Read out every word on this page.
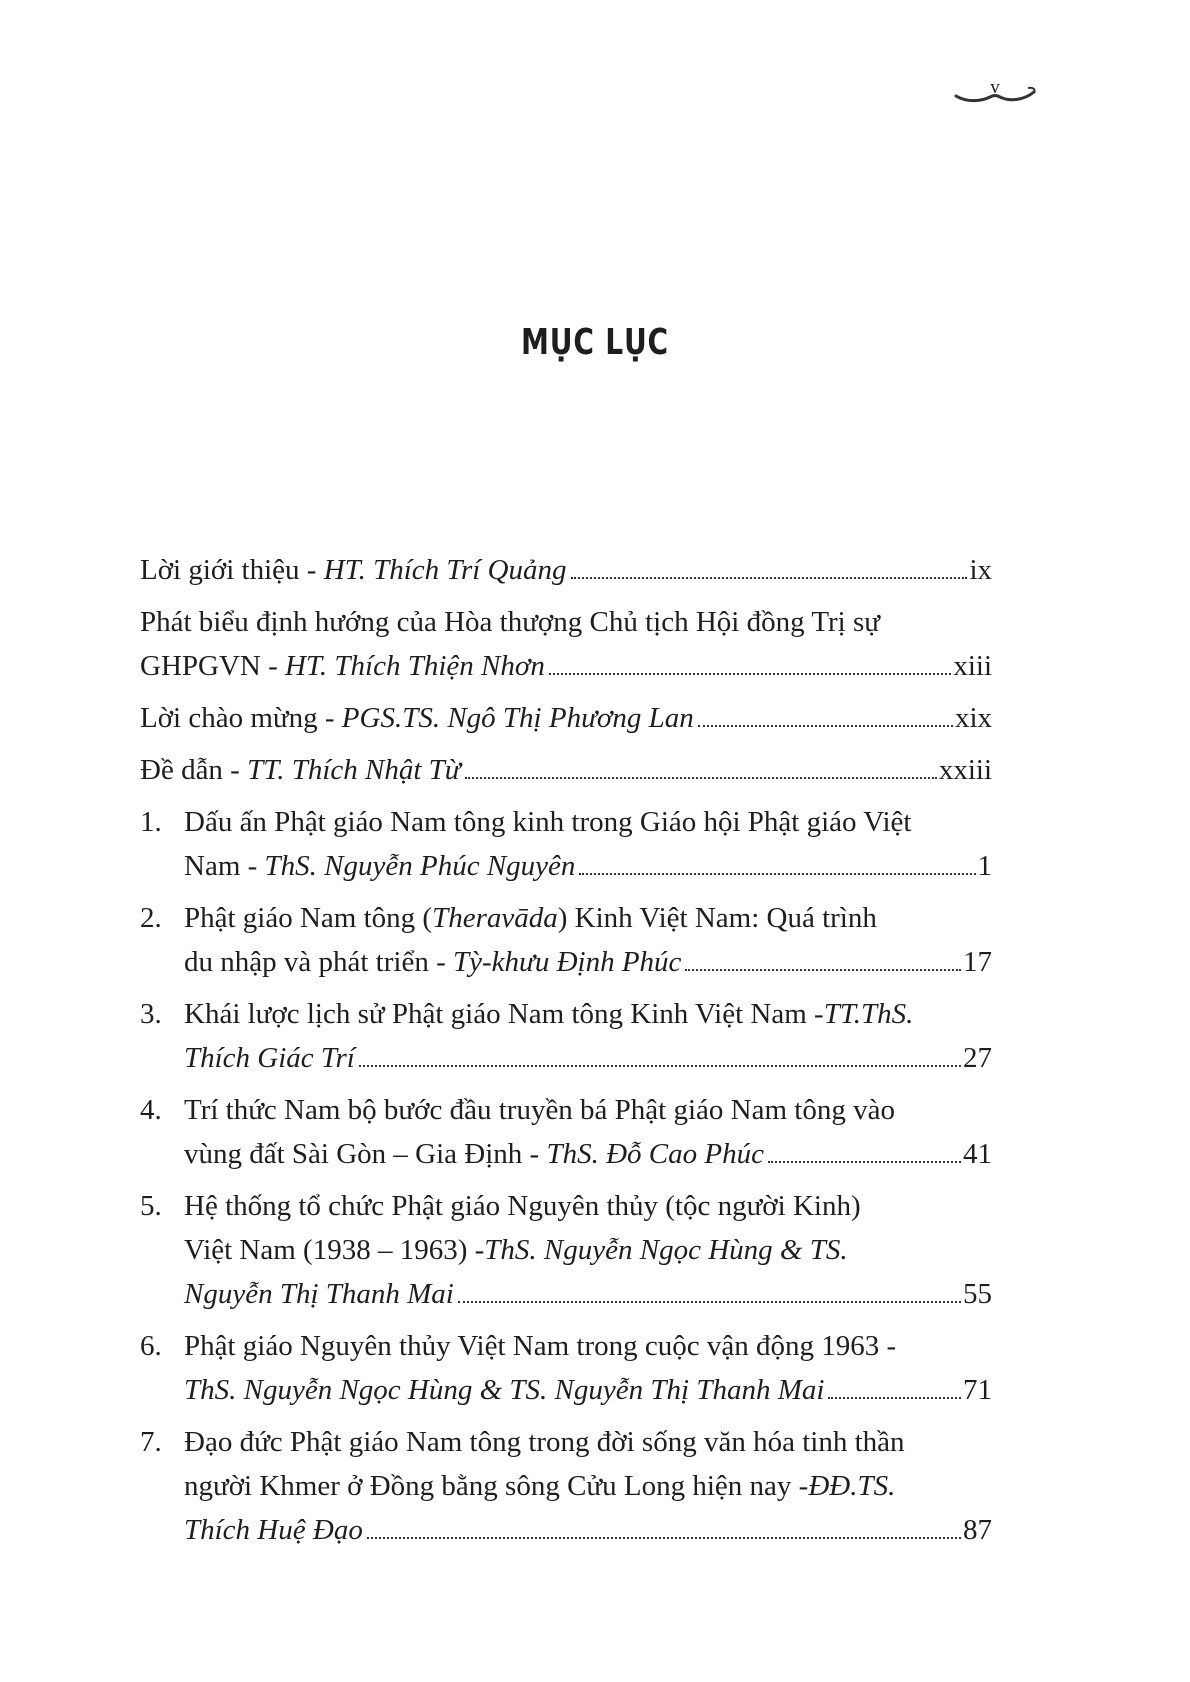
v
MỤC LỤC
Lời giới thiệu - HT. Thích Trí Quảng	ix
Phát biểu định hướng của Hòa thượng Chủ tịch Hội đồng Trị sự
GHPGVN - HT. Thích Thiện Nhơn	xiii
Lời chào mừng - PGS.TS. Ngô Thị Phương Lan	xix
Đề dẫn - TT. Thích Nhật Từ	xxiii
1. Dấu ấn Phật giáo Nam tông kinh trong Giáo hội Phật giáo Việt
Nam - ThS. Nguyễn Phúc Nguyên	1
2. Phật giáo Nam tông ( Theravāda ) Kinh Việt Nam: Quá trình
du nhập và phát triển - Tỳ-khưu Định Phúc	17
3. Khái lược lịch sử Phật giáo Nam tông Kinh Việt Nam - TT.ThS.
Thích Giác Trí	27
4. Trí thức Nam bộ bước đầu truyền bá Phật giáo Nam tông vào
vùng đất Sài Gòn – Gia Định - ThS. Đỗ Cao Phúc	41
5. Hệ thống tổ chức Phật giáo Nguyên thủy (tộc người Kinh)
Việt Nam (1938 – 1963) - ThS. Nguyễn Ngọc Hùng & TS.
Nguyễn Thị Thanh Mai	55
6. Phật giáo Nguyên thủy Việt Nam trong cuộc vận động 1963 -
ThS. Nguyễn Ngọc Hùng & TS. Nguyễn Thị Thanh Mai	71
7. Đạo đức Phật giáo Nam tông trong đời sống văn hóa tinh thần
người Khmer ở Đồng bằng sông Cửu Long hiện nay - ĐĐ.TS.
Thích Huệ Đạo	87
